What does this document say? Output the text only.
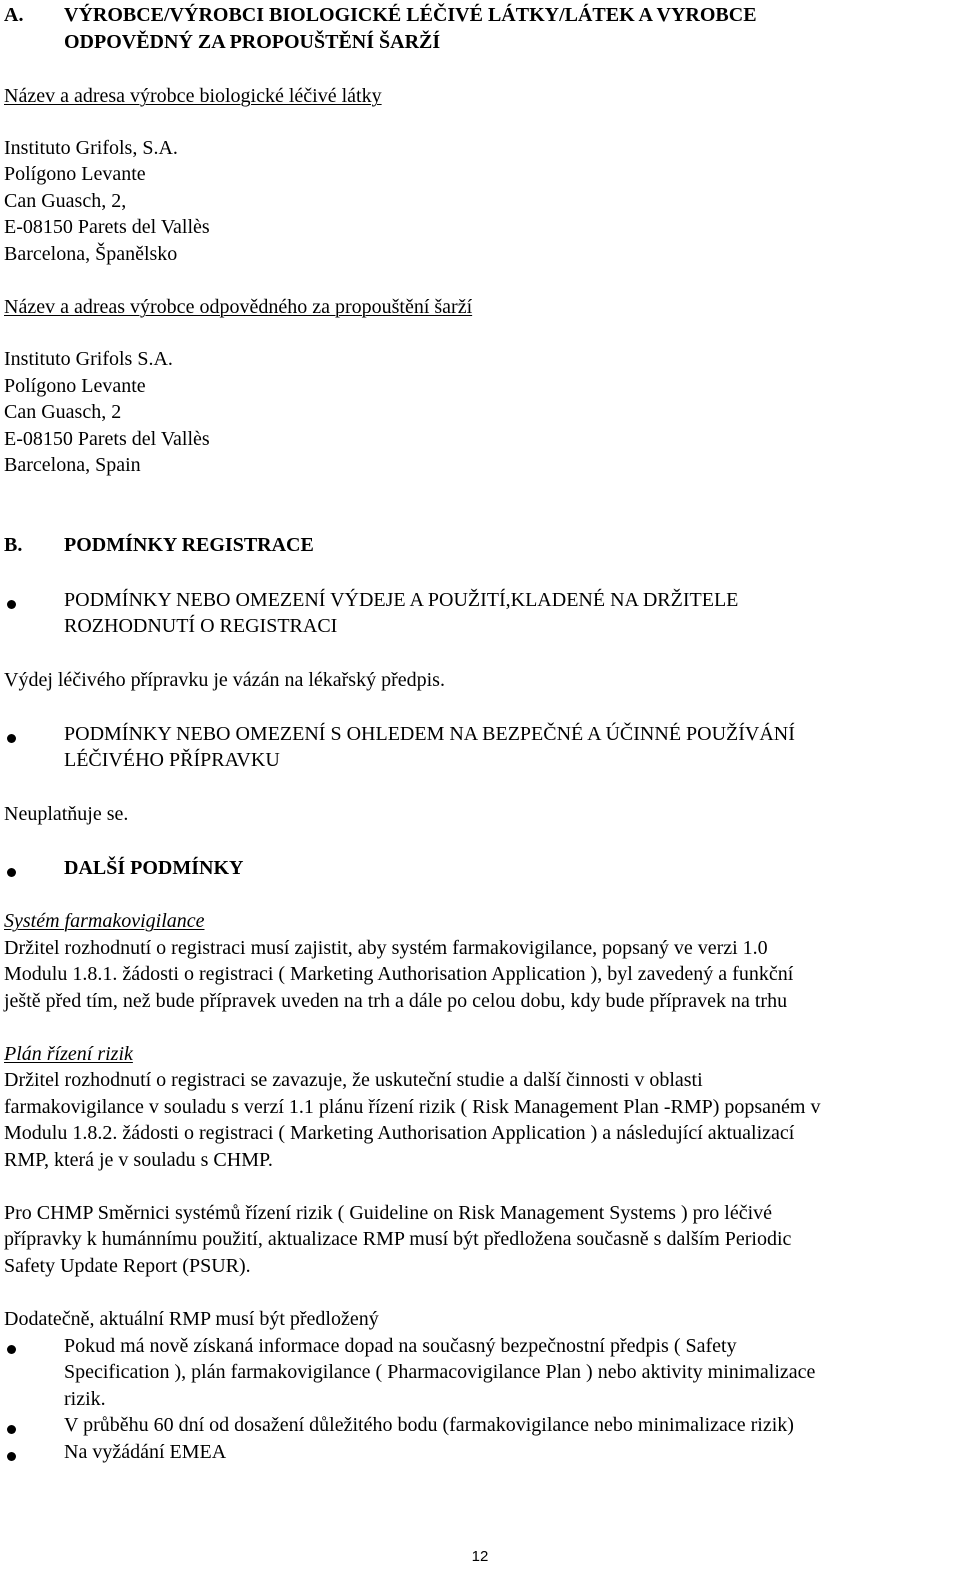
A. VÝROBCE/VÝROBCI BIOLOGICKÉ LÉČIVÉ LÁTKY/LÁTEK A VYROBCE
ODPOVĚDNÝ ZA PROPOUŠTĚNÍ ŠARŽÍ
Název a adresa výrobce biologické léčivé látky
Instituto Grifols, S.A.
Polígono Levante
Can Guasch, 2,
E-08150 Parets del Vallès
Barcelona, Španělsko
Název a adreas výrobce odpovědného za propouštění šarží
Instituto Grifols S.A.
Polígono Levante
Can Guasch, 2
E-08150 Parets del Vallès
Barcelona, Spain
B. PODMÍNKY REGISTRACE
PODMÍNKY NEBO OMEZENÍ VÝDEJE A POUŽITÍ,KLADENÉ NA DRŽITELE
ROZHODNUTÍ O REGISTRACI
Výdej léčivého přípravku je vázán na lékařský předpis.
PODMÍNKY NEBO OMEZENÍ S OHLEDEM NA BEZPEČNÉ A ÚČINNÉ POUŽÍVÁNÍ
LÉČIVÉHO PŘÍPRAVKU
Neuplatňuje se.
DALŠÍ PODMÍNKY
Systém farmakovigilance
Držitel rozhodnutí o registraci musí zajistit, aby systém farmakovigilance, popsaný ve verzi 1.0
Modulu 1.8.1. žádosti o registraci ( Marketing Authorisation Application ), byl zavedený a funkční
ještě před tím, než bude přípravek uveden na trh a dále po celou dobu, kdy bude přípravek na trhu
Plán řízení rizik
Držitel rozhodnutí o registraci se zavazuje, že uskuteční studie a další činnosti v oblasti
farmakovigilance v souladu s verzí 1.1 plánu řízení rizik ( Risk Management Plan -RMP) popsaném v
Modulu 1.8.2. žádosti o registraci ( Marketing Authorisation Application ) a následující aktualizací
RMP, která je v souladu s CHMP.
Pro CHMP Směrnici systémů řízení rizik ( Guideline on Risk Management Systems ) pro léčivé
přípravky k humánnímu použití, aktualizace RMP musí být předložena současně s dalším Periodic
Safety Update Report (PSUR).
Dodatečně, aktuální RMP musí být předložený
Pokud má nově získaná informace dopad na současný bezpečnostní předpis ( Safety
Specification ), plán farmakovigilance ( Pharmacovigilance Plan ) nebo aktivity minimalizace
rizik.
V průběhu 60 dní od dosažení důležitého bodu (farmakovigilance nebo minimalizace rizik)
Na vyžádání EMEA
12
